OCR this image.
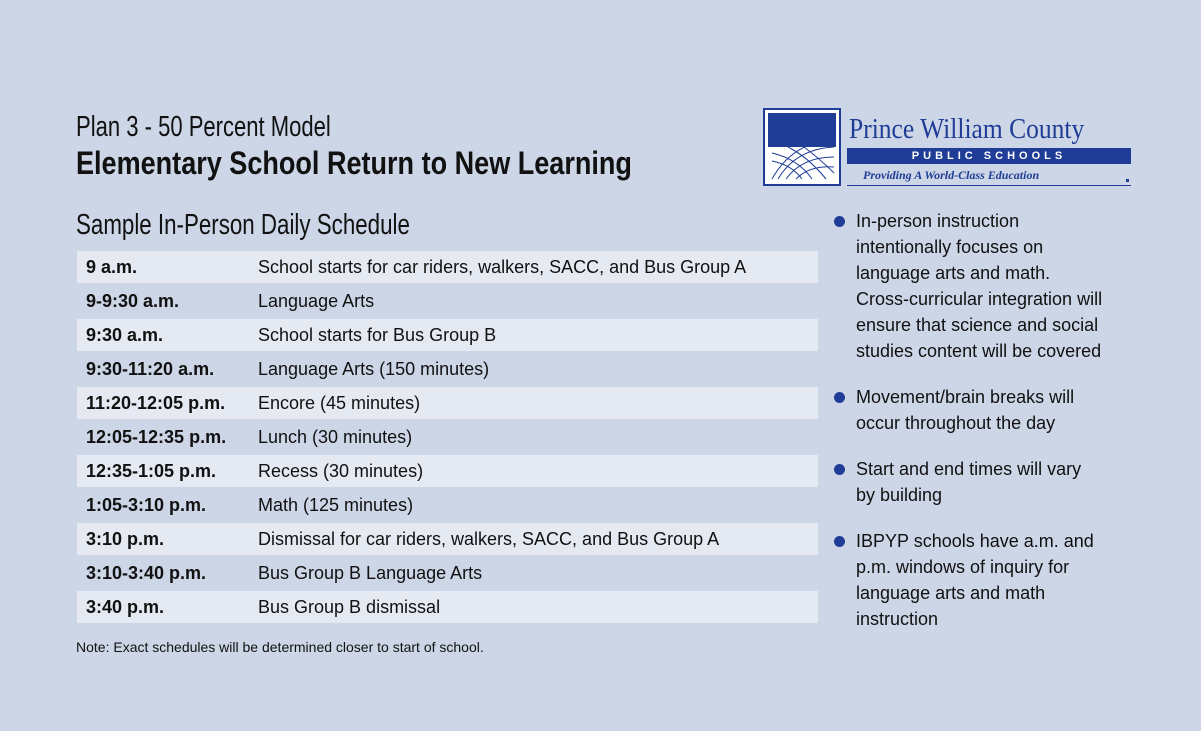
Plan 3 - 50 Percent Model
Elementary School Return to New Learning
Sample In-Person Daily Schedule
9 a.m.	School starts for car riders, walkers, SACC, and Bus Group A
9-9:30 a.m.	Language Arts
9:30 a.m.	School starts for Bus Group B
9:30-11:20 a.m. Language Arts (150 minutes)
11:20-12:05 p.m. Encore (45 minutes)
12:05-12:35 p.m. Lunch (30 minutes)
12:35-1:05 p.m. Recess (30 minutes)
1:05-3:10 p.m.	Math (125 minutes)
3:10 p.m.	Dismissal for car riders, walkers, SACC, and Bus Group A
3:10-3:40 p.m.	Bus Group B Language Arts
3:40 p.m.	Bus Group B dismissal
Note: Exact schedules will be determined closer to start of school.
Prince William County
PUBLIC SCHOOLS
Providing A World-Class Education
In-person instruction
intentionally focuses on
language arts and math.
Cross-curricular integration will
ensure that science and social
studies content will be covered
Movement/brain breaks will
occur throughout the day
Start and end times will vary
by building
IBPYP schools have a.m. and
p.m. windows of inquiry for
language arts and math
instruction
